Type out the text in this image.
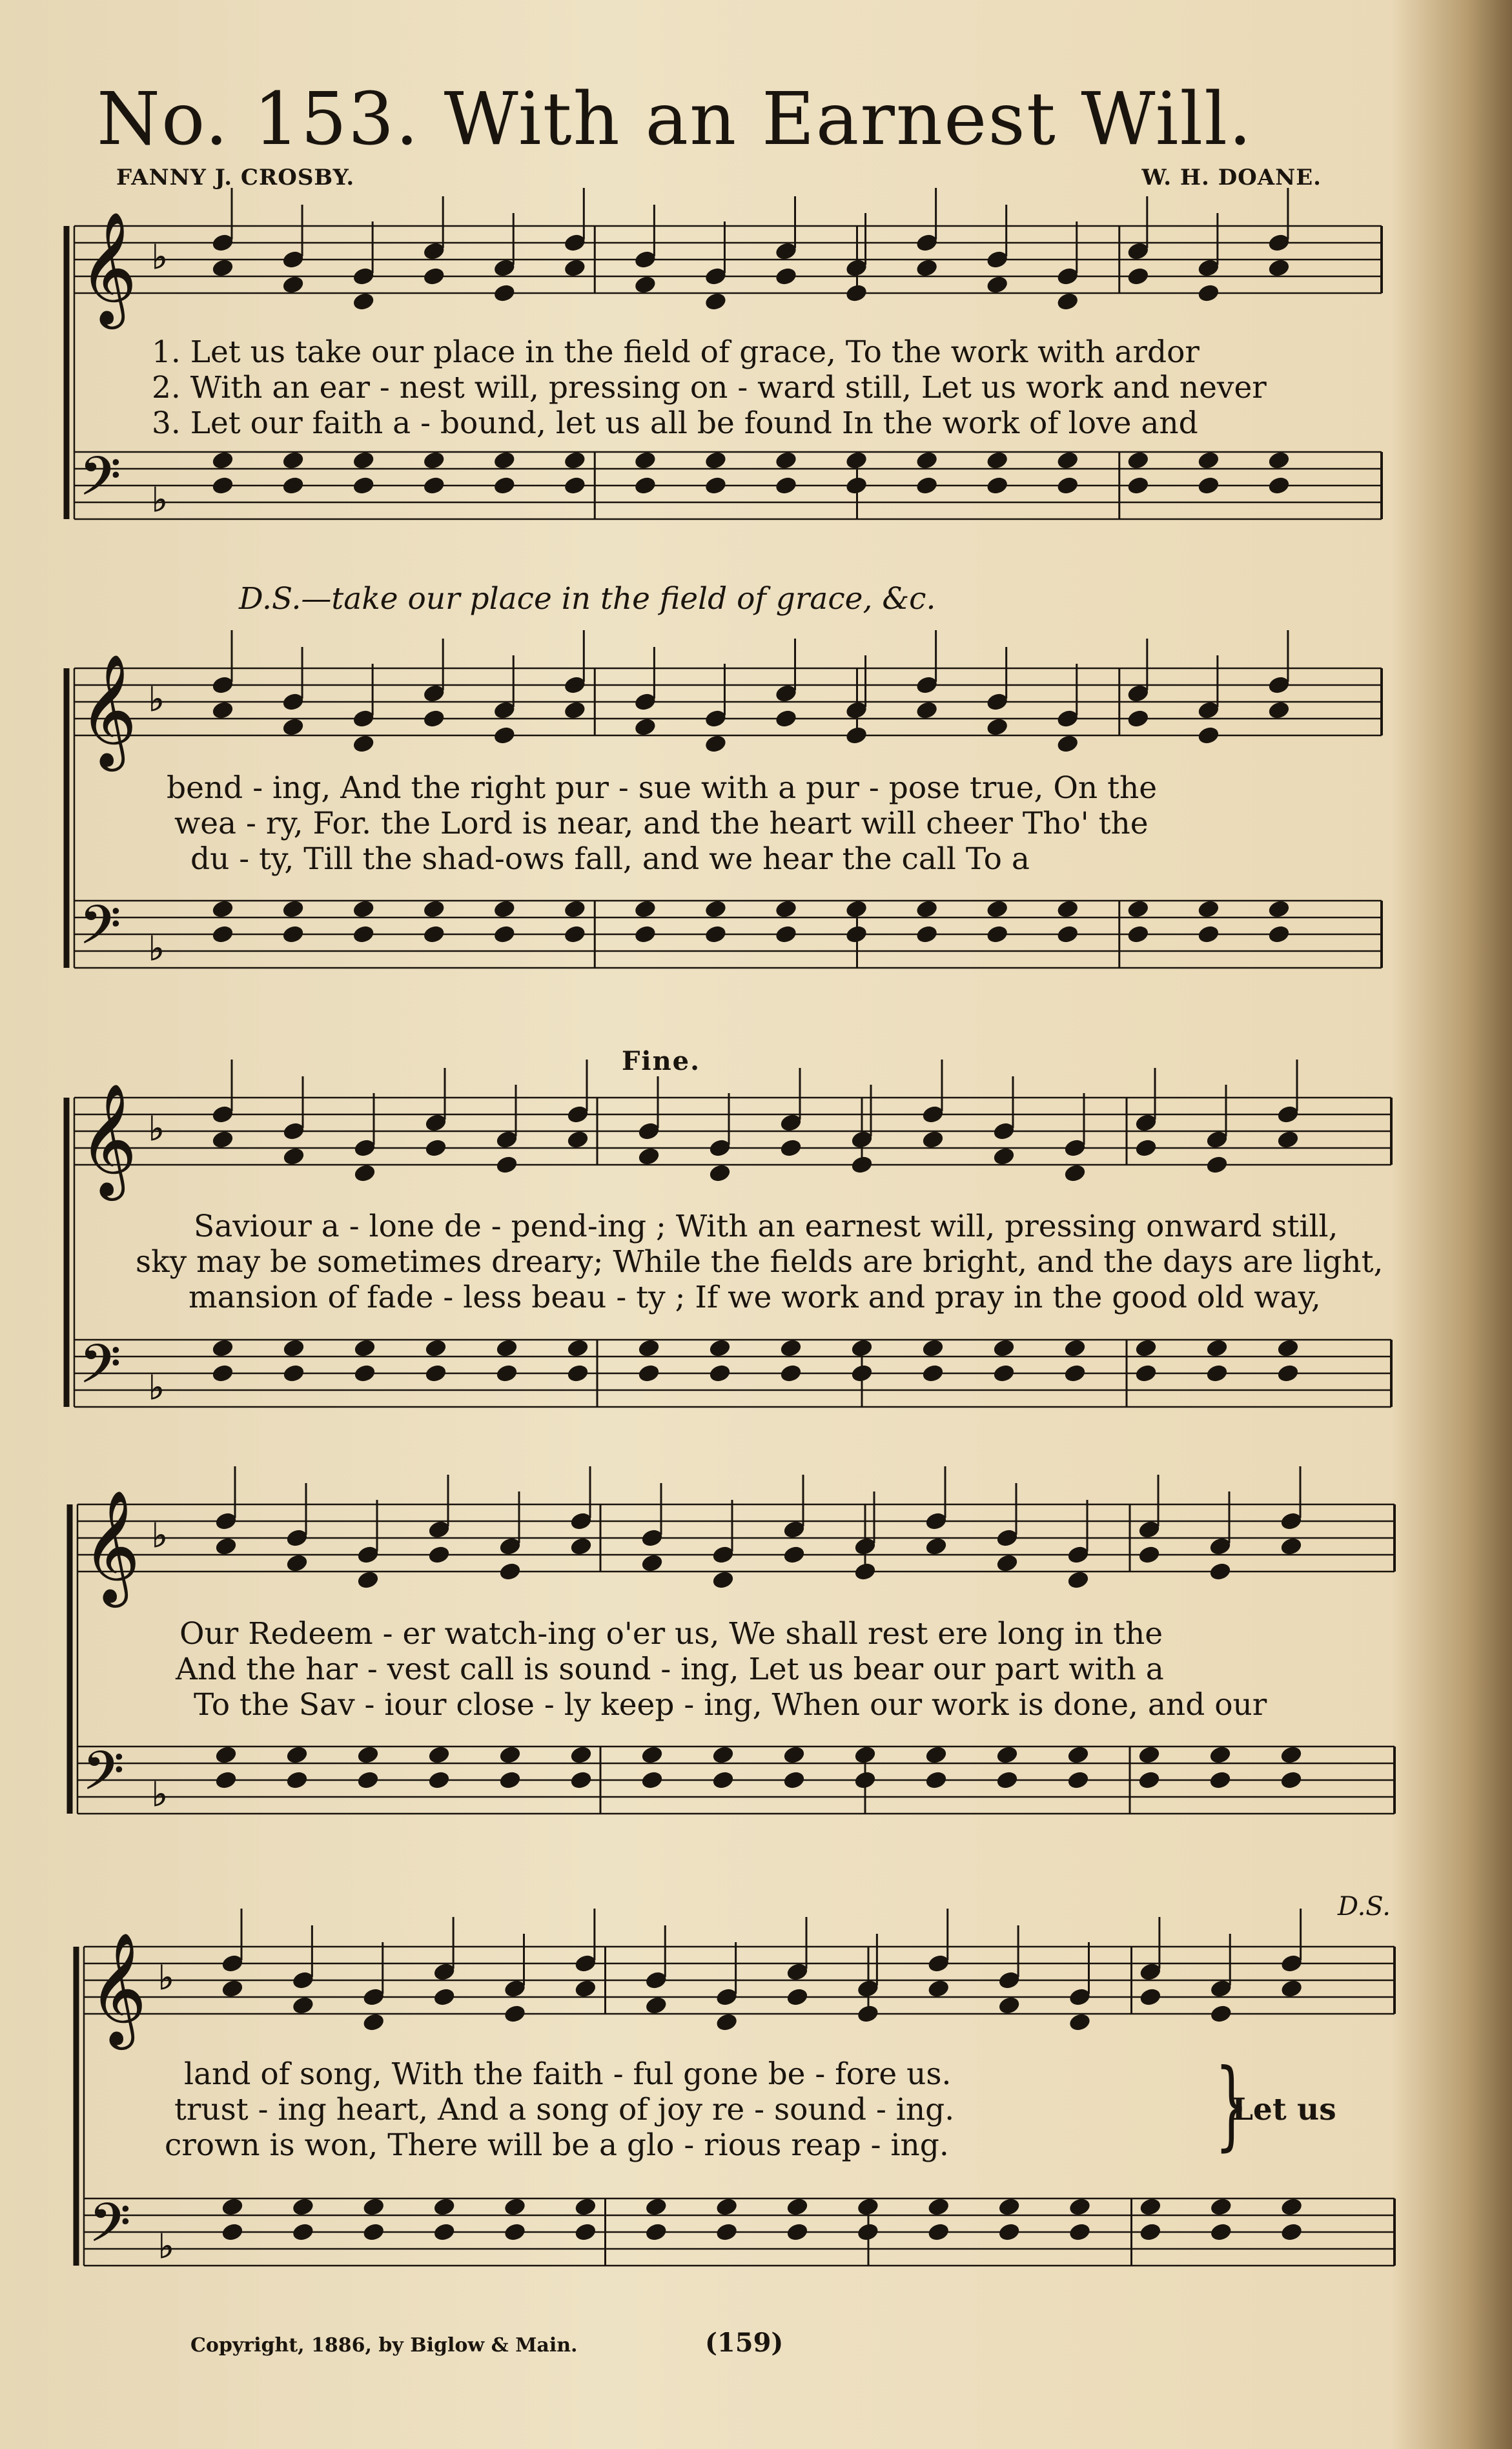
No. 153. With an Earnest Will.
FANNY J. CROSBY.	W. H. DOANE.
𝄞
𝄢
♭
♭
𝄞
𝄢
♭
♭
𝄞
𝄢
♭
♭
𝄞
𝄢
♭
♭
𝄞
𝄢
♭
♭
D.S.—take our place in the field of grace, &c.
Fine.
D.S.
1. Let us take our place in the field of grace, To the work with ardor
2. With an ear - nest will, pressing on - ward still, Let us work and never
3. Let our faith a - bound, let us all be found In the work of love and
bend - ing, And the right pur - sue with a pur - pose true, On the
wea - ry, For. the Lord is near, and the heart will cheer Tho' the
du - ty, Till the shad-ows fall, and we hear the call To a
Saviour a - lone de - pend-ing ; With an earnest will, pressing onward still,
sky may be sometimes dreary; While the fields are bright, and the days are light,
mansion of fade - less beau - ty ; If we work and pray in the good old way,
Our Redeem - er watch-ing o'er us, We shall rest ere long in the
And the har - vest call is sound - ing, Let us bear our part with a
To the Sav - iour close - ly keep - ing, When our work is done, and our
land of song, With the faith - ful gone be - fore us.
trust - ing heart, And a song of joy re - sound - ing.
crown is won, There will be a glo - rious reap - ing.	}
Let us
Copyright, 1886, by Biglow & Main.	(159)
